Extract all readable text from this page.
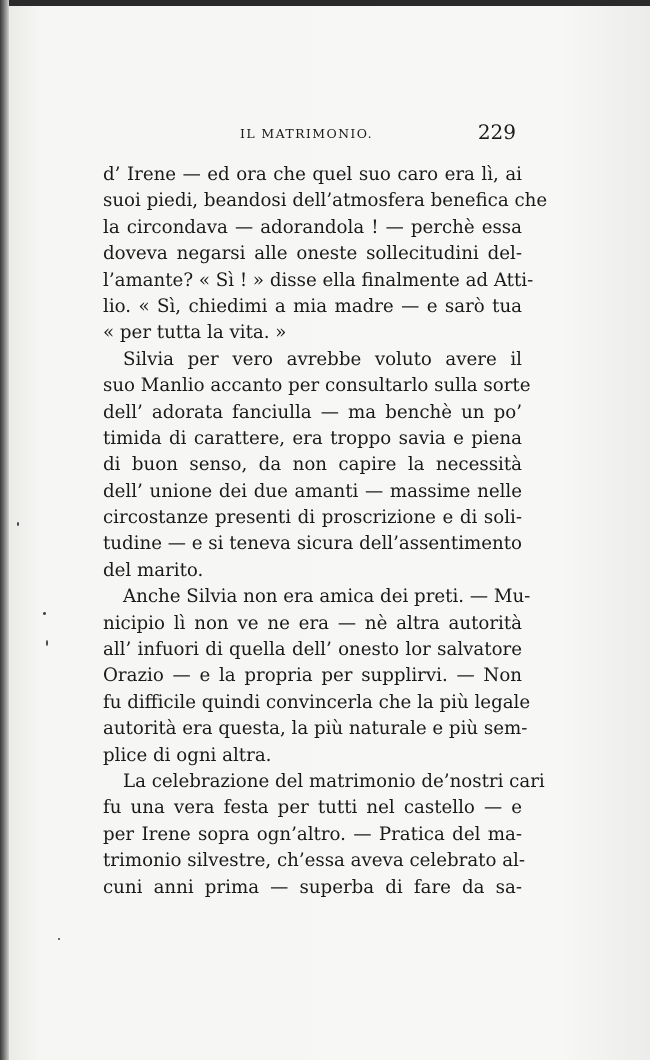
IL MATRIMONIO.	229
d’ Irene — ed ora che quel suo caro era lì, ai
suoi piedi, beandosi dell’atmosfera benefica che
la circondava — adorandola ! — perchè essa
doveva negarsi alle oneste sollecitudini del-
l’amante? « Sì ! » disse ella finalmente ad Atti-
lio. « Sì, chiedimi a mia madre — e sarò tua
« per tutta la vita. »
Silvia per vero avrebbe voluto avere il
suo Manlio accanto per consultarlo sulla sorte
dell’ adorata fanciulla — ma benchè un po’
timida di carattere, era troppo savia e piena
di buon senso, da non capire la necessità
dell’ unione dei due amanti — massime nelle
circostanze presenti di proscrizione e di soli-
tudine — e si teneva sicura dell’assentimento
del marito.
Anche Silvia non era amica dei preti. — Mu-
nicipio lì non ve ne era — nè altra autorità
all’ infuori di quella dell’ onesto lor salvatore
Orazio — e la propria per supplirvi. — Non
fu difficile quindi convincerla che la più legale
autorità era questa, la più naturale e più sem-
plice di ogni altra.
La celebrazione del matrimonio de’nostri cari
fu una vera festa per tutti nel castello — e
per Irene sopra ogn’altro. — Pratica del ma-
trimonio silvestre, ch’essa aveva celebrato al-
cuni anni prima — superba di fare da sa-
